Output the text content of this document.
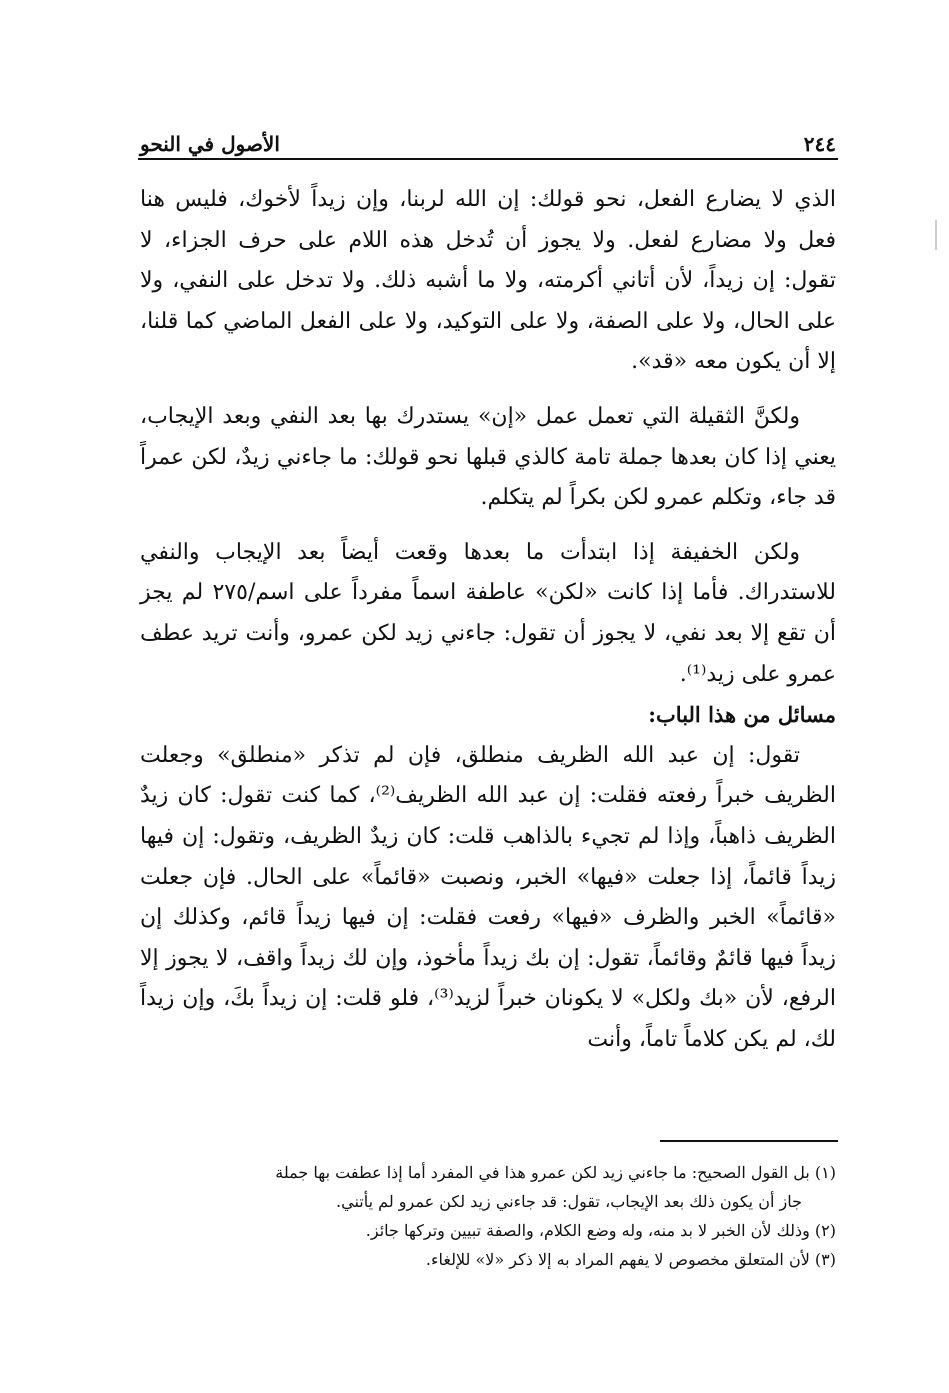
٢٤٤
الأصول في النحو

الذي لا يضارع الفعل، نحو قولك: إن الله لربنا، وإن زيداً لأخوك، فليس هنا فعل ولا مضارع لفعل. ولا يجوز أن تُدخل هذه اللام على حرف الجزاء، لا تقول: إن زيداً، لأن أتاني أكرمته، ولا ما أشبه ذلك. ولا تدخل على النفي، ولا على الحال، ولا على الصفة، ولا على التوكيد، ولا على الفعل الماضي كما قلنا، إلا أن يكون معه «قد».

ولكنَّ الثقيلة التي تعمل عمل «إن» يستدرك بها بعد النفي وبعد الإيجاب، يعني إذا كان بعدها جملة تامة كالذي قبلها نحو قولك: ما جاءني زيدٌ، لكن عمراً قد جاء، وتكلم عمرو لكن بكراً لم يتكلم.

ولكن الخفيفة إذا ابتدأت ما بعدها وقعت أيضاً بعد الإيجاب والنفي للاستدراك. فأما إذا كانت «لكن» عاطفة اسماً مفرداً على اسم/٢٧٥ لم يجز أن تقع إلا بعد نفي، لا يجوز أن تقول: جاءني زيد لكن عمرو، وأنت تريد عطف عمرو على زيد⁽¹⁾.

مسائل من هذا الباب:

تقول: إن عبد الله الظريف منطلق، فإن لم تذكر «منطلق» وجعلت الظريف خبراً رفعته فقلت: إن عبد الله الظريف⁽²⁾، كما كنت تقول: كان زيدٌ الظريف ذاهباً، وإذا لم تجيء بالذاهب قلت: كان زيدٌ الظريف، وتقول: إن فيها زيداً قائماً، إذا جعلت «فيها» الخبر، ونصبت «قائماً» على الحال. فإن جعلت «قائماً» الخبر والظرف «فيها» رفعت فقلت: إن فيها زيداً قائم، وكذلك إن زيداً فيها قائمٌ وقائماً، تقول: إن بك زيداً مأخوذ، وإن لك زيداً واقف، لا يجوز إلا الرفع، لأن «بك ولكل» لا يكونان خبراً لزيد⁽³⁾، فلو قلت: إن زيداً بكَ، وإن زيداً لك، لم يكن كلاماً تاماً، وأنت

(١) بل القول الصحيح: ما جاءني زيد لكن عمرو هذا في المفرد أما إذا عطفت بها جملة

جاز أن يكون ذلك بعد الإيجاب، تقول: قد جاءني زيد لكن عمرو لم يأتني.

(٢) وذلك لأن الخبر لا بد منه، وله وضع الكلام، والصفة تبيين وتركها جائز.

(٣) لأن المتعلق مخصوص لا يفهم المراد به إلا ذكر «لا» للإلغاء.
